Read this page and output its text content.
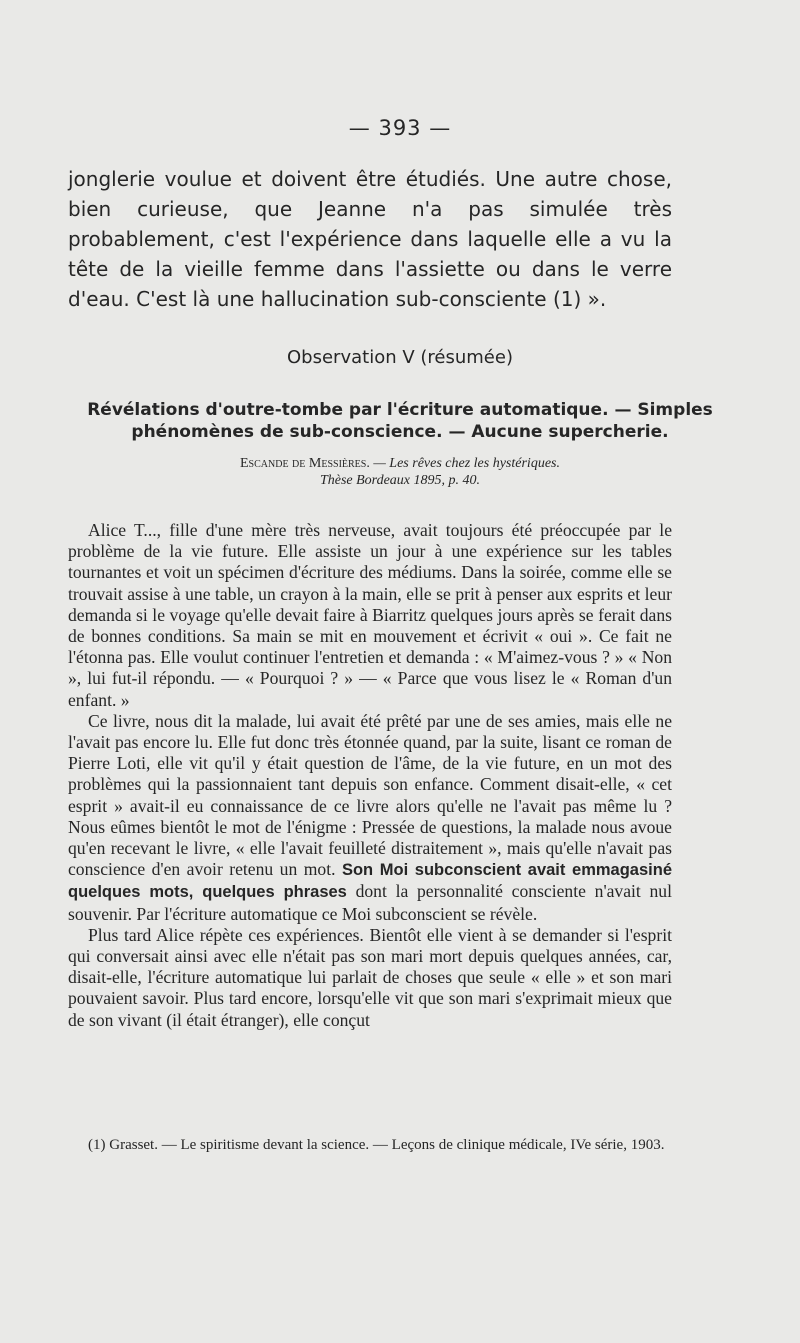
— 393 —
jonglerie voulue et doivent être étudiés. Une autre chose, bien curieuse, que Jeanne n'a pas simulée très probablement, c'est l'expérience dans laquelle elle a vu la tête de la vieille femme dans l'assiette ou dans le verre d'eau. C'est là une hallucination sub-consciente (1) ».
Observation V (résumée)
Révélations d'outre-tombe par l'écriture automatique. — Simples
phénomènes de sub-conscience. — Aucune supercherie.
Escande de Messières. — Les rêves chez les hystériques.
Thèse Bordeaux 1895, p. 40.

Alice T..., fille d'une mère très nerveuse, avait toujours été préoccupée par le problème de la vie future. Elle assiste un jour à une expérience sur les tables tournantes et voit un spécimen d'écriture des médiums. Dans la soirée, comme elle se trouvait assise à une table, un crayon à la main, elle se prit à penser aux esprits et leur demanda si le voyage qu'elle devait faire à Biarritz quelques jours après se ferait dans de bonnes conditions. Sa main se mit en mouvement et écrivit « oui ». Ce fait ne l'étonna pas. Elle voulut continuer l'entretien et demanda : « M'aimez-vous ? » « Non », lui fut-il répondu. — « Pourquoi ? » — « Parce que vous lisez le « Roman d'un enfant. »

Ce livre, nous dit la malade, lui avait été prêté par une de ses amies, mais elle ne l'avait pas encore lu. Elle fut donc très étonnée quand, par la suite, lisant ce roman de Pierre Loti, elle vit qu'il y était question de l'âme, de la vie future, en un mot des problèmes qui la passionnaient tant depuis son enfance. Comment disait-elle, « cet esprit » avait-il eu connaissance de ce livre alors qu'elle ne l'avait pas même lu ? Nous eûmes bientôt le mot de l'énigme : Pressée de questions, la malade nous avoue qu'en recevant le livre, « elle l'avait feuilleté distraitement », mais qu'elle n'avait pas conscience d'en avoir retenu un mot. Son Moi subconscient avait emmagasiné quelques mots, quelques phrases dont la personnalité consciente n'avait nul souvenir. Par l'écriture automatique ce Moi subconscient se révèle.

Plus tard Alice répète ces expériences. Bientôt elle vient à se demander si l'esprit qui conversait ainsi avec elle n'était pas son mari mort depuis quelques années, car, disait-elle, l'écriture automatique lui parlait de choses que seule « elle » et son mari pouvaient savoir. Plus tard encore, lorsqu'elle vit que son mari s'exprimait mieux que de son vivant (il était étranger), elle conçut

(1) Grasset. — Le spiritisme devant la science. — Leçons de clinique médicale, IVe série, 1903.
